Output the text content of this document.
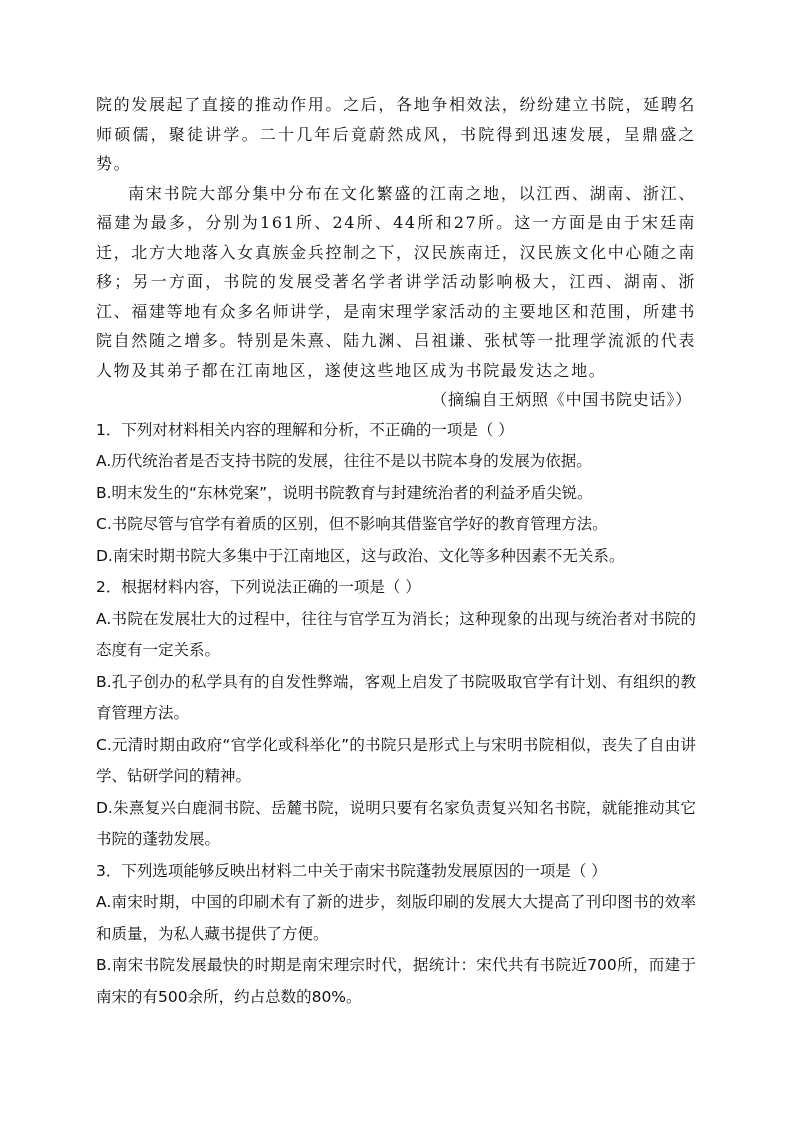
院的发展起了直接的推动作用。之后，各地争相效法，纷纷建立书院，延聘名师硕儒，聚徒讲学。二十几年后竟蔚然成风，书院得到迅速发展，呈鼎盛之势。

南宋书院大部分集中分布在文化繁盛的江南之地，以江西、湖南、浙江、福建为最多，分别为161所、24所、44所和27所。这一方面是由于宋廷南迁，北方大地落入女真族金兵控制之下，汉民族南迁，汉民族文化中心随之南移；另一方面，书院的发展受著名学者讲学活动影响极大，江西、湖南、浙江、福建等地有众多名师讲学，是南宋理学家活动的主要地区和范围，所建书院自然随之增多。特别是朱熹、陆九渊、吕祖谦、张栻等一批理学流派的代表人物及其弟子都在江南地区，遂使这些地区成为书院最发达之地。

（摘编自王炳照《中国书院史话》）

1．下列对材料相关内容的理解和分析，不正确的一项是（ ）

A.历代统治者是否支持书院的发展，往往不是以书院本身的发展为依据。

B.明末发生的“东林党案”，说明书院教育与封建统治者的利益矛盾尖锐。

C.书院尽管与官学有着质的区别，但不影响其借鉴官学好的教育管理方法。

D.南宋时期书院大多集中于江南地区，这与政治、文化等多种因素不无关系。

2．根据材料内容，下列说法正确的一项是（ ）

A.书院在发展壮大的过程中，往往与官学互为消长；这种现象的出现与统治者对书院的态度有一定关系。

B.孔子创办的私学具有的自发性弊端，客观上启发了书院吸取官学有计划、有组织的教育管理方法。

C.元清时期由政府“官学化或科举化”的书院只是形式上与宋明书院相似，丧失了自由讲学、钻研学问的精神。

D.朱熹复兴白鹿洞书院、岳麓书院，说明只要有名家负责复兴知名书院，就能推动其它书院的蓬勃发展。

3．下列选项能够反映出材料二中关于南宋书院蓬勃发展原因的一项是（ ）

A.南宋时期，中国的印刷术有了新的进步，刻版印刷的发展大大提高了刊印图书的效率和质量，为私人藏书提供了方便。

B.南宋书院发展最快的时期是南宋理宗时代，据统计：宋代共有书院近700所，而建于南宋的有500余所，约占总数的80%。
